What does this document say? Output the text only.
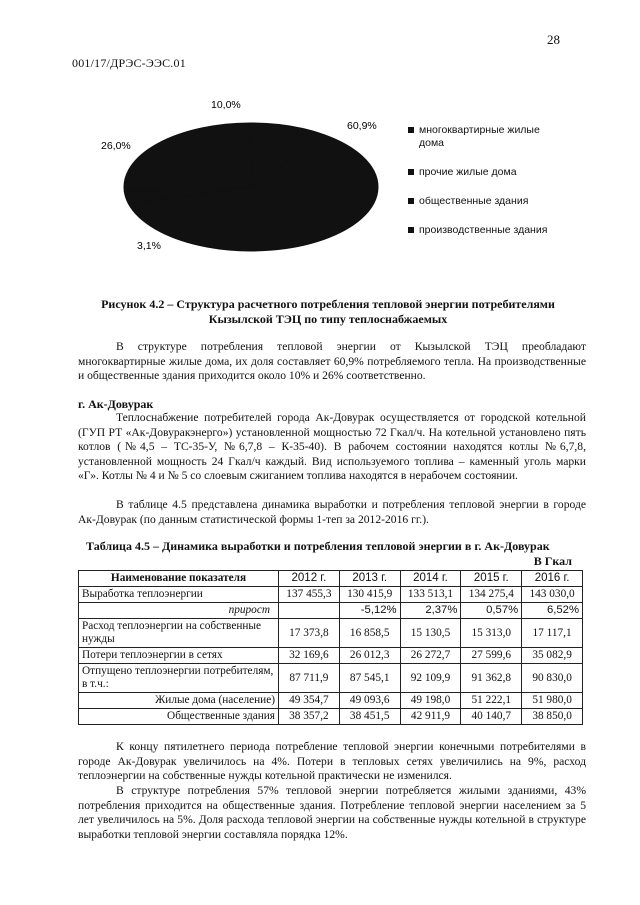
28
001/17/ДРЭС-ЭЭС.01
60,9%
3,1%
26,0%
10,0%
многоквартирные жилые дома
прочие жилые дома
общественные здания
производственные здания
Рисунок 4.2 – Структура расчетного потребления тепловой энергии потребителями
Кызылской ТЭЦ по типу теплоснабжаемых
В структуре потребления тепловой энергии от Кызылской ТЭЦ преобладают многоквартирные жилые дома, их доля составляет 60,9% потребляемого тепла. На производственные и общественные здания приходится около 10% и 26% соответственно.
г. Ак-Довурак
Теплоснабжение потребителей города Ак-Довурак осуществляется от городской котельной (ГУП РТ «Ак-Довуракэнерго») установленной мощностью 72 Гкал/ч. На котельной установлено пять котлов (№4,5 – ТС-35-У, №6,7,8 – К-35-40). В рабочем состоянии находятся котлы №6,7,8, установленной мощность 24 Гкал/ч каждый. Вид используемого топлива – каменный уголь марки «Г». Котлы № 4 и № 5 со слоевым сжиганием топлива находятся в нерабочем состоянии.
В таблице 4.5 представлена динамика выработки и потребления тепловой энергии в городе Ак-Довурак (по данным статистической формы 1-теп за 2012-2016 гг.).
Таблица 4.5 – Динамика выработки и потребления тепловой энергии в г. Ак-Довурак
В Гкал
Наименование показателя	2012 г.	2013 г.	2014 г.	2015 г.	2016 г.
Выработка теплоэнергии	137 455,3	130 415,9	133 513,1	134 275,4	143 030,0
прирост		-5,12%	2,37%	0,57%	6,52%
Расход теплоэнергии на собственные нужды	17 373,8	16 858,5	15 130,5	15 313,0	17 117,1
Потери теплоэнергии в сетях	32 169,6	26 012,3	26 272,7	27 599,6	35 082,9
Отпущено теплоэнергии потребителям, в т.ч.:	87 711,9	87 545,1	92 109,9	91 362,8	90 830,0
Жилые дома (население)	49 354,7	49 093,6	49 198,0	51 222,1	51 980,0
Общественные здания	38 357,2	38 451,5	42 911,9	40 140,7	38 850,0
К концу пятилетнего периода потребление тепловой энергии конечными потребителями в городе Ак-Довурак увеличилось на 4%. Потери в тепловых сетях увеличились на 9%, расход теплоэнергии на собственные нужды котельной практически не изменился.
В структуре потребления 57% тепловой энергии потребляется жилыми зданиями, 43% потребления приходится на общественные здания. Потребление тепловой энергии населением за 5 лет увеличилось на 5%. Доля расхода тепловой энергии на собственные нужды котельной в структуре выработки тепловой энергии составляла порядка 12%.
